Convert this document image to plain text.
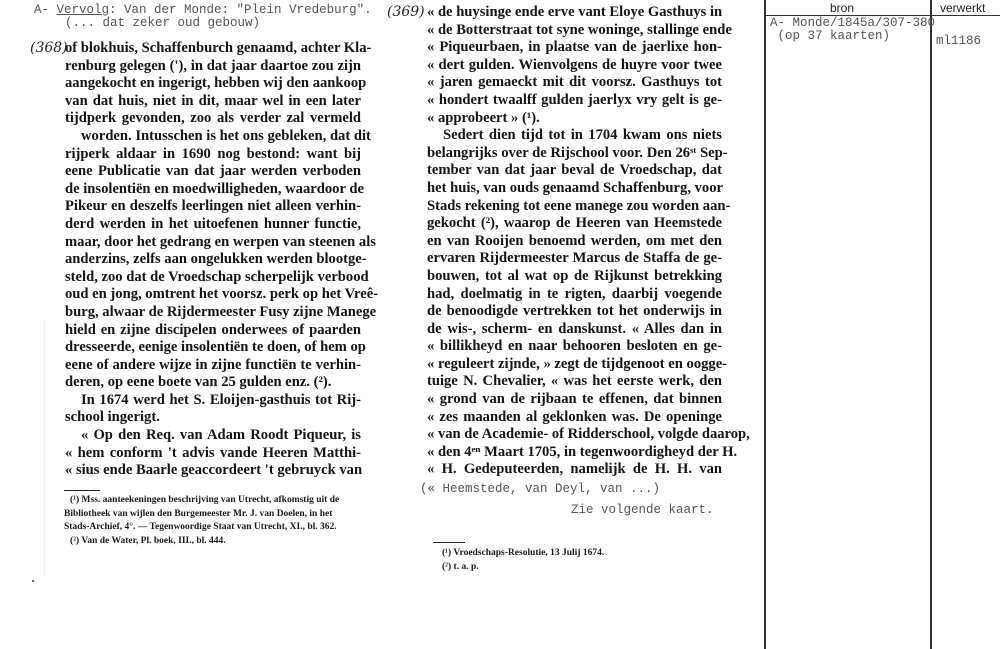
A- Vervolg: Van der Monde: "Plein Vredeburg".
(... dat zeker oud gebouw)
(368)
of blokhuis, Schaffenburch genaamd, achter Kla-
renburg gelegen ('), in dat jaar daartoe zou zijn
aangekocht en ingerigt, hebben wij den aankoop
van dat huis, niet in dit, maar wel in een later
tijdperk gevonden, zoo als verder zal vermeld
worden. Intusschen is het ons gebleken, dat dit
rijperk aldaar in 1690 nog bestond: want bij
eene Publicatie van dat jaar werden verboden
de insolentiën en moedwilligheden, waardoor de
Pikeur en deszelfs leerlingen niet alleen verhin-
derd werden in het uitoefenen hunner functie,
maar, door het gedrang en werpen van steenen als
anderzins, zelfs aan ongelukken werden blootge-
steld, zoo dat de Vroedschap scherpelijk verbood
oud en jong, omtrent het voorsz. perk op het Vreê-
burg, alwaar de Rijdermeester Fusy zijne Manege
hield en zijne discipelen onderwees of paarden
dresseerde, eenige insolentiën te doen, of hem op
eene of andere wijze in zijne functiën te verhin-
deren, op eene boete van 25 gulden enz. (²).
In 1674 werd het S. Eloijen-gasthuis tot Rij-
school ingerigt.
« Op den Req. van Adam Roodt Piqueur, is
« hem conform 't advis vande Heeren Matthi-
« sius ende Baarle geaccordeert 't gebruyck van
(¹) Mss. aanteekeningen beschrijving van Utrecht, afkomstig uit de
Bibliotheek van wijlen den Burgemeester Mr. J. van Doelen, in het
Stads-Archief, 4°. — Tegenwoordige Staat van Utrecht, XI., bl. 362.
(²) Van de Water, Pl. boek, III., bl. 444.
(369) « de huysinge ende erve vant Eloye Gasthuys in
« de Botterstraat tot syne woninge, stallinge ende
« Piqueurbaen, in plaatse van de jaerlixe hon-
« dert gulden. Wienvolgens de huyre voor twee
« jaren gemaeckt mit dit voorsz. Gasthuys tot
« hondert twaalff gulden jaerlyx vry gelt is ge-
« approbeert » (¹).
Sedert dien tijd tot in 1704 kwam ons niets
belangrijks over de Rijschool voor. Den 26ˢᵗ Sep-
tember van dat jaar beval de Vroedschap, dat
het huis, van ouds genaamd Schaffenburg, voor
Stads rekening tot eene manege zou worden aan-
gekocht (²), waarop de Heeren van Heemstede
en van Rooijen benoemd werden, om met den
ervaren Rijdermeester Marcus de Staffa de ge-
bouwen, tot al wat op de Rijkunst betrekking
had, doelmatig in te rigten, daarbij voegende
de benoodigde vertrekken tot het onderwijs in
de wis-, scherm- en danskunst. « Alles dan in
« billikheyd en naar behooren besloten en ge-
« reguleert zijnde, » zegt de tijdgenoot en ooggе-
tuige N. Chevalier, « was het eerste werk, den
« grond van de rijbaan te effenen, dat binnen
« zes maanden al geklonken was. De openinge
« van de Academie- of Ridderschool, volgde daarop,
« den 4ᵉⁿ Maart 1705, in tegenwoordigheyd der H.
« H. Gedeputeerden, namelijk de H. H. van
(« Heemstede, van Deyl, van ...)
Zie volgende kaart.
(¹) Vroedschaps-Resolutie, 13 Julij 1674.
(²) t. a. p.
bron	verwerkt
A- Monde/1845a/307-380
(op 37 kaarten)	ml1186
